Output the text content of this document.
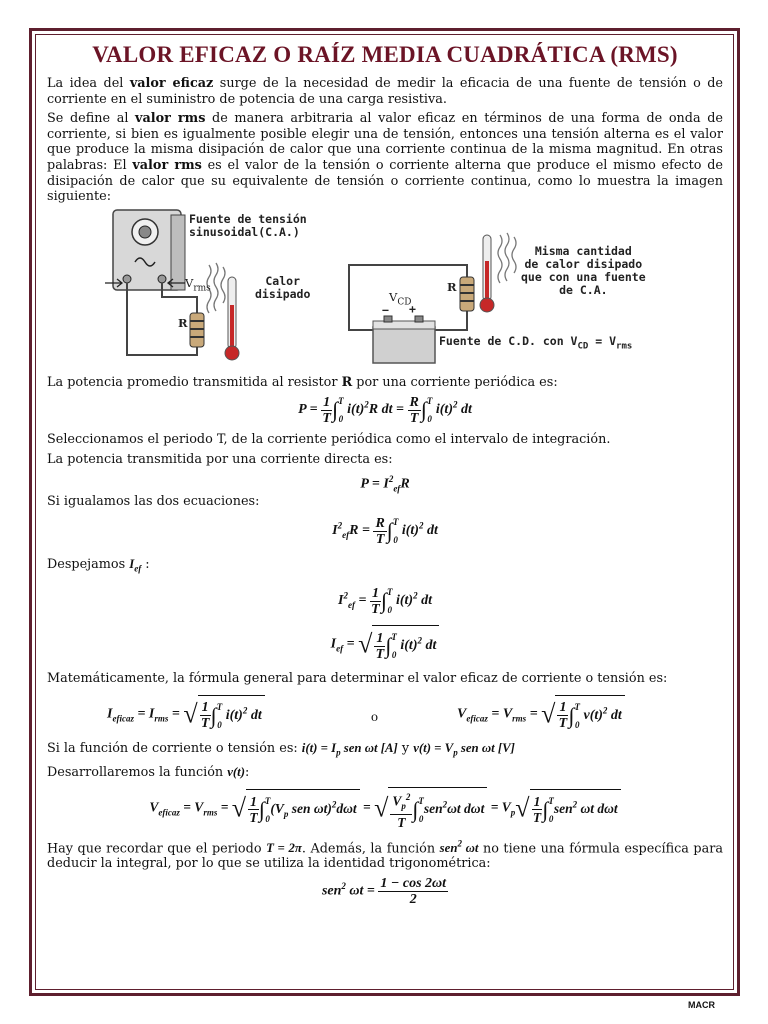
VALOR EFICAZ O RAÍZ MEDIA CUADRÁTICA (RMS)

La idea del valor eficaz surge de la necesidad de medir la eficacia de una fuente de tensión o de corriente en el suministro de potencia de una carga resistiva.

Se define al valor rms de manera arbitraria al valor eficaz en términos de una forma de onda de corriente, si bien es igualmente posible elegir una de tensión, entonces una tensión alterna es el valor que produce la misma disipación de calor que una corriente continua de la misma magnitud. En otras palabras: El valor rms es el valor de la tensión o corriente alterna que produce el mismo efecto de disipación de calor que su equivalente de tensión o corriente continua, como lo muestra la imagen siguiente:

Fuente de tensión
sinusoidal(C.A.)
$V_{rms}$
Calor
disipado
R
R
$V_{CD}$
− +
Misma cantidad
de calor disipado
que con una fuente
de C.A.
Fuente de C.D. con $V_{CD} = V_{rms}$

La potencia promedio transmitida al resistor R por una corriente periódica es:

$P = \frac{1}{T}$ ∫ T
0
$i(t)^2R$ dt = $\frac{R}{T}$ ∫ T
0
$i(t)^2$ dt

Seleccionamos el periodo T, de la corriente periódica como el intervalo de integración.

La potencia transmitida por una corriente directa es:

$P = I^2_{ef}R$

Si igualamos las dos ecuaciones:

$I^2_{ef}R = \frac{R}{T}$ ∫ T
0
$i(t)^2$ dt

Despejamos $I_{ef}$ :

$I^2_{ef} = \frac{1}{T}$ ∫ T
0
$i(t)^2$ dt
$I_{ef}$ = √ $\frac{1}{T}$ ∫ T
0
$i(t)^2$ dt

Matemáticamente, la fórmula general para determinar el valor eficaz de corriente o tensión es:

$I_{eficaz} = I_{rms}$ = √ $\frac{1}{T}$ ∫ T
0
$i(t)^2$ dt	o	$V_{eficaz} = V_{rms}$ = √ $\frac{1}{T}$ ∫ T
0
$v(t)^2$ dt

Si la función de corriente o tensión es: $i(t) = I_p$ sen ωt [A] y $v(t) = V_p$ sen ωt [V]

Desarrollaremos la función v(t):

$V_{eficaz} = V_{rms}$ = √ $\frac{1}{T}$ ∫ T
0
($V_p$ sen ωt)$^2$dωt = √ $\frac{V_p^2}{T}$ ∫ T
0
sen$^2$ωt $d\omega t = V_p√ \frac{1}{T}$ ∫ T
0
sen$^2$ ωt dωt

Hay que recordar que el periodo T = 2π. Además, la función sen$^2$ ωt no tiene una fórmula específica para deducir la integral, por lo que se utiliza la identidad trigonométrica:

sen$^2$ $\omega t = \frac{1 - \cos 2\omega t}{2}$
MACR
